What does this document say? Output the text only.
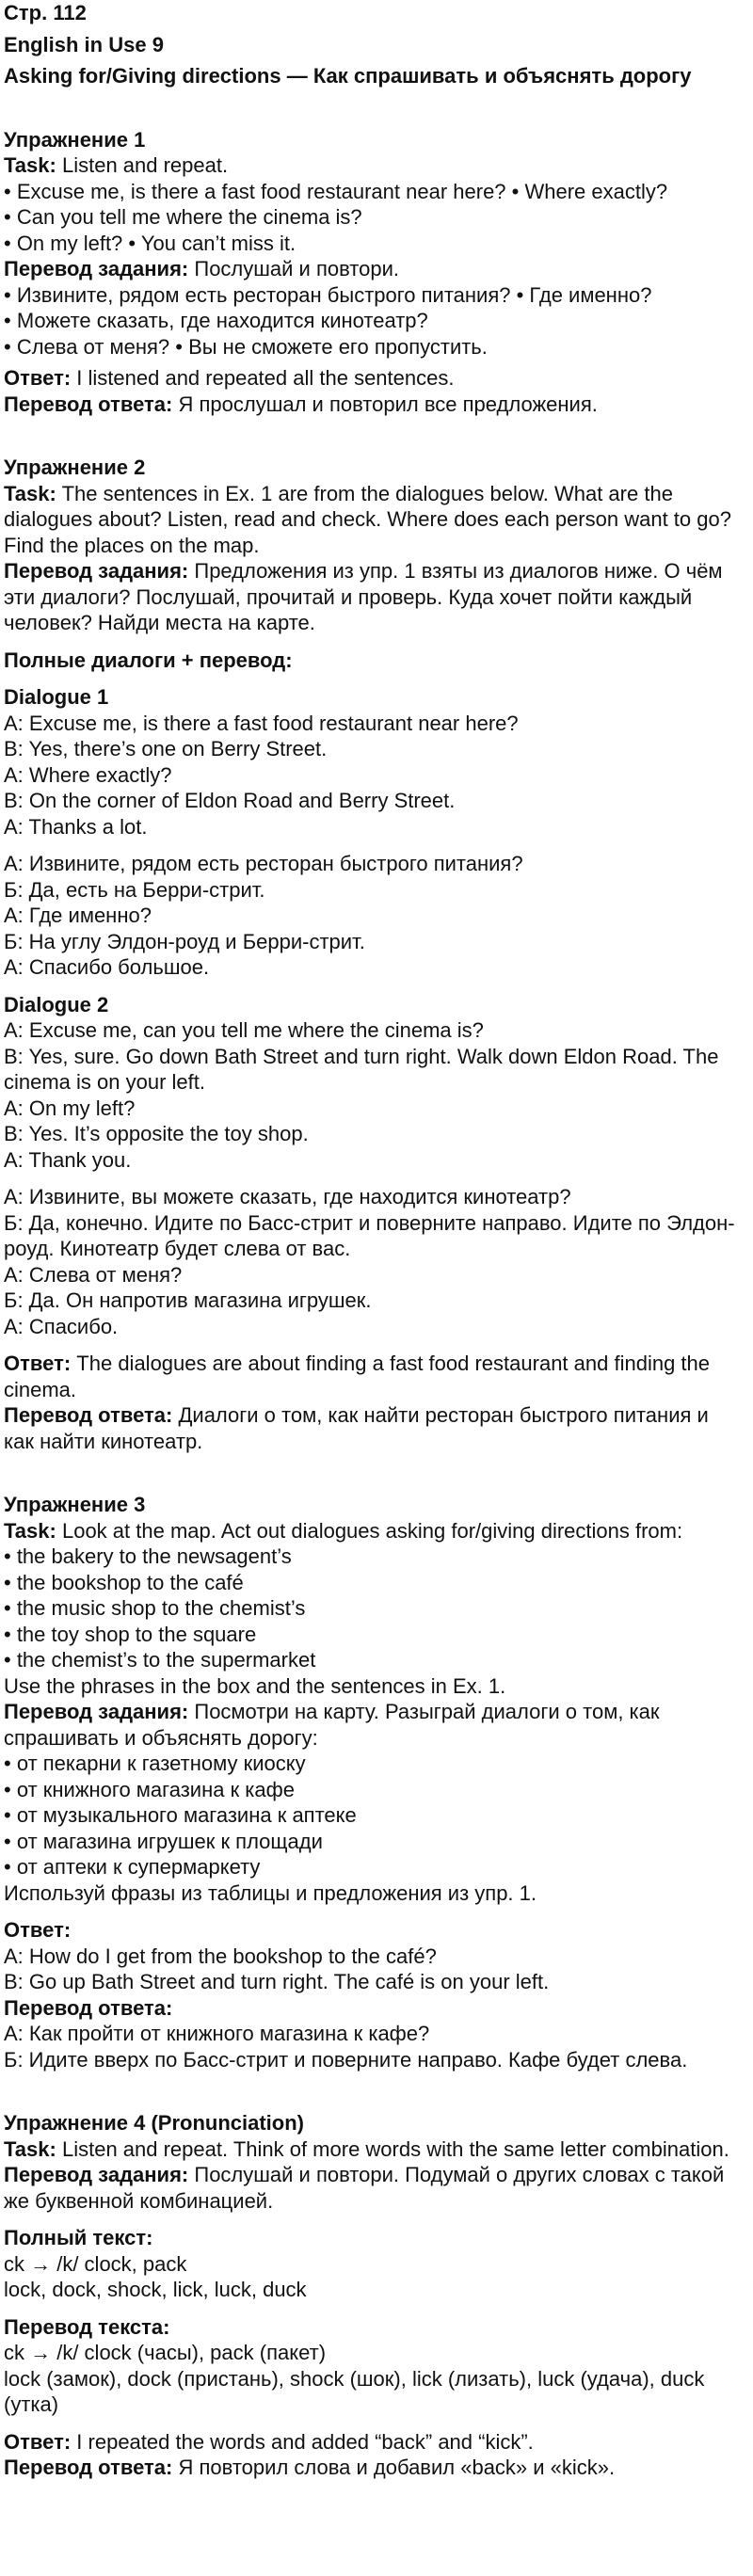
Стр. 112
English in Use 9
Asking for/Giving directions — Как спрашивать и объяснять дорогу
Упражнение 1
Task: Listen and repeat.
• Excuse me, is there a fast food restaurant near here? • Where exactly?
• Can you tell me where the cinema is?
• On my left? • You can’t miss it.
Перевод задания: Послушай и повтори.
• Извините, рядом есть ресторан быстрого питания? • Где именно?
• Можете сказать, где находится кинотеатр?
• Слева от меня? • Вы не сможете его пропустить.
Ответ: I listened and repeated all the sentences.
Перевод ответа: Я прослушал и повторил все предложения.
Упражнение 2
Task: The sentences in Ex. 1 are from the dialogues below. What are the dialogues about? Listen, read and check. Where does each person want to go? Find the places on the map.
Перевод задания: Предложения из упр. 1 взяты из диалогов ниже. О чём эти диалоги? Послушай, прочитай и проверь. Куда хочет пойти каждый человек? Найди места на карте.
Полные диалоги + перевод:
Dialogue 1
A: Excuse me, is there a fast food restaurant near here?
B: Yes, there’s one on Berry Street.
A: Where exactly?
B: On the corner of Eldon Road and Berry Street.
A: Thanks a lot.
А: Извините, рядом есть ресторан быстрого питания?
Б: Да, есть на Берри-стрит.
А: Где именно?
Б: На углу Элдон-роуд и Берри-стрит.
А: Спасибо большое.
Dialogue 2
A: Excuse me, can you tell me where the cinema is?
B: Yes, sure. Go down Bath Street and turn right. Walk down Eldon Road. The cinema is on your left.
A: On my left?
B: Yes. It’s opposite the toy shop.
A: Thank you.
А: Извините, вы можете сказать, где находится кинотеатр?
Б: Да, конечно. Идите по Басс-стрит и поверните направо. Идите по Элдон-роуд. Кинотеатр будет слева от вас.
А: Слева от меня?
Б: Да. Он напротив магазина игрушек.
А: Спасибо.
Ответ: The dialogues are about finding a fast food restaurant and finding the cinema.
Перевод ответа: Диалоги о том, как найти ресторан быстрого питания и как найти кинотеатр.
Упражнение 3
Task: Look at the map. Act out dialogues asking for/giving directions from:
• the bakery to the newsagent’s
• the bookshop to the café
• the music shop to the chemist’s
• the toy shop to the square
• the chemist’s to the supermarket
Use the phrases in the box and the sentences in Ex. 1.
Перевод задания: Посмотри на карту. Разыграй диалоги о том, как спрашивать и объяснять дорогу:
• от пекарни к газетному киоску
• от книжного магазина к кафе
• от музыкального магазина к аптеке
• от магазина игрушек к площади
• от аптеки к супермаркету
Используй фразы из таблицы и предложения из упр. 1.
Ответ:
A: How do I get from the bookshop to the café?
B: Go up Bath Street and turn right. The café is on your left.
Перевод ответа:
А: Как пройти от книжного магазина к кафе?
Б: Идите вверх по Басс-стрит и поверните направо. Кафе будет слева.
Упражнение 4 (Pronunciation)
Task: Listen and repeat. Think of more words with the same letter combination.
Перевод задания: Послушай и повтори. Подумай о других словах с такой же буквенной комбинацией.
Полный текст:
ck → /k/ clock, pack
lock, dock, shock, lick, luck, duck
Перевод текста:
ck → /k/ clock (часы), pack (пакет)
lock (замок), dock (пристань), shock (шок), lick (лизать), luck (удача), duck (утка)
Ответ: I repeated the words and added “back” and “kick”.
Перевод ответа: Я повторил слова и добавил «back» и «kick».
